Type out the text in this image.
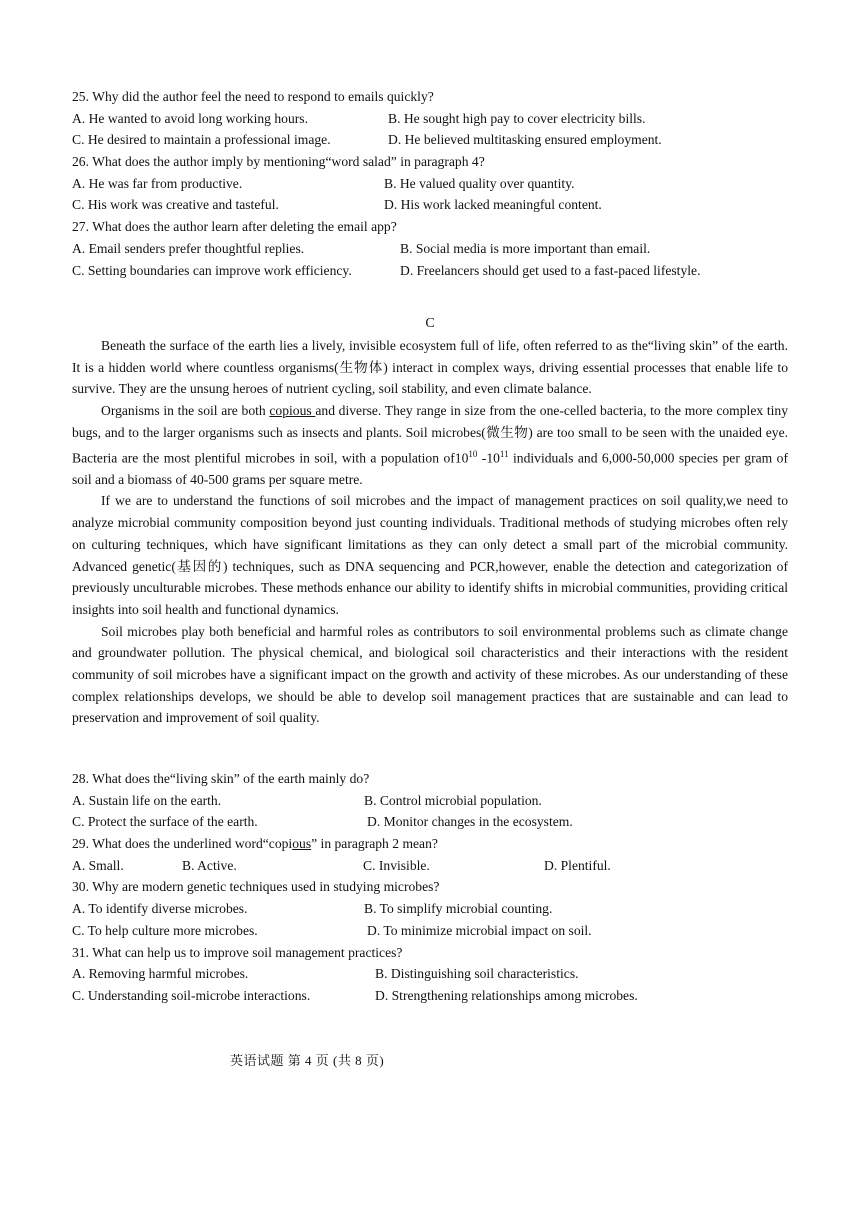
25. Why did the author feel the need to respond to emails quickly?
A. He wanted to avoid long working hours.	B. He sought high pay to cover electricity bills.
C. He desired to maintain a professional image.	D. He believed multitasking ensured employment.
26. What does the author imply by mentioning“word salad” in paragraph 4?
A. He was far from productive.	B. He valued quality over quantity.
C. His work was creative and tasteful.	D. His work lacked meaningful content.
27. What does the author learn after deleting the email app?
A. Email senders prefer thoughtful replies.	B. Social media is more important than email.
C. Setting boundaries can improve work efficiency.	D. Freelancers should get used to a fast-paced lifestyle.
C

Beneath the surface of the earth lies a lively, invisible ecosystem full of life, often referred to as the“living skin” of the earth. It is a hidden world where countless organisms(生物体) interact in complex ways, driving essential processes that enable life to survive. They are the unsung heroes of nutrient cycling, soil stability, and even climate balance.

Organisms in the soil are both copious and diverse. They range in size from the one-celled bacteria, to the more complex tiny bugs, and to the larger organisms such as insects and plants. Soil microbes(微生物) are too small to be seen with the unaided eye. Bacteria are the most plentiful microbes in soil, with a population $of10^{10}$ $-10^{11}$ individuals and 6,000-50,000 species per gram of soil and a biomass of 40-500 grams per square metre.

If we are to understand the functions of soil microbes and the impact of management practices on soil quality,we need to analyze microbial community composition beyond just counting individuals. Traditional methods of studying microbes often rely on culturing techniques, which have significant limitations as they can only detect a small part of the microbial community. Advanced genetic(基因的) techniques, such as DNA sequencing and PCR,however, enable the detection and categorization of previously unculturable microbes. These methods enhance our ability to identify shifts in microbial communities, providing critical insights into soil health and functional dynamics.

Soil microbes play both beneficial and harmful roles as contributors to soil environmental problems such as climate change and groundwater pollution. The physical chemical, and biological soil characteristics and their interactions with the resident community of soil microbes have a significant impact on the growth and activity of these microbes. As our understanding of these complex relationships develops, we should be able to develop soil management practices that are sustainable and can lead to preservation and improvement of soil quality.

28. What does the“living skin” of the earth mainly do?
A. Sustain life on the earth.	B. Control microbial population.
C. Protect the surface of the earth.	D. Monitor changes in the ecosystem.
29. What does the underlined word“copious” in paragraph 2 mean?
A. Small.	B. Active.	C. Invisible.	D. Plentiful.
30. Why are modern genetic techniques used in studying microbes?
A. To identify diverse microbes.	B. To simplify microbial counting.
C. To help culture more microbes.	D. To minimize microbial impact on soil.
31. What can help us to improve soil management practices?
A. Removing harmful microbes.	B. Distinguishing soil characteristics.
C. Understanding soil-microbe interactions.	D. Strengthening relationships among microbes.
英语试题 第 4 页 (共 8 页)
